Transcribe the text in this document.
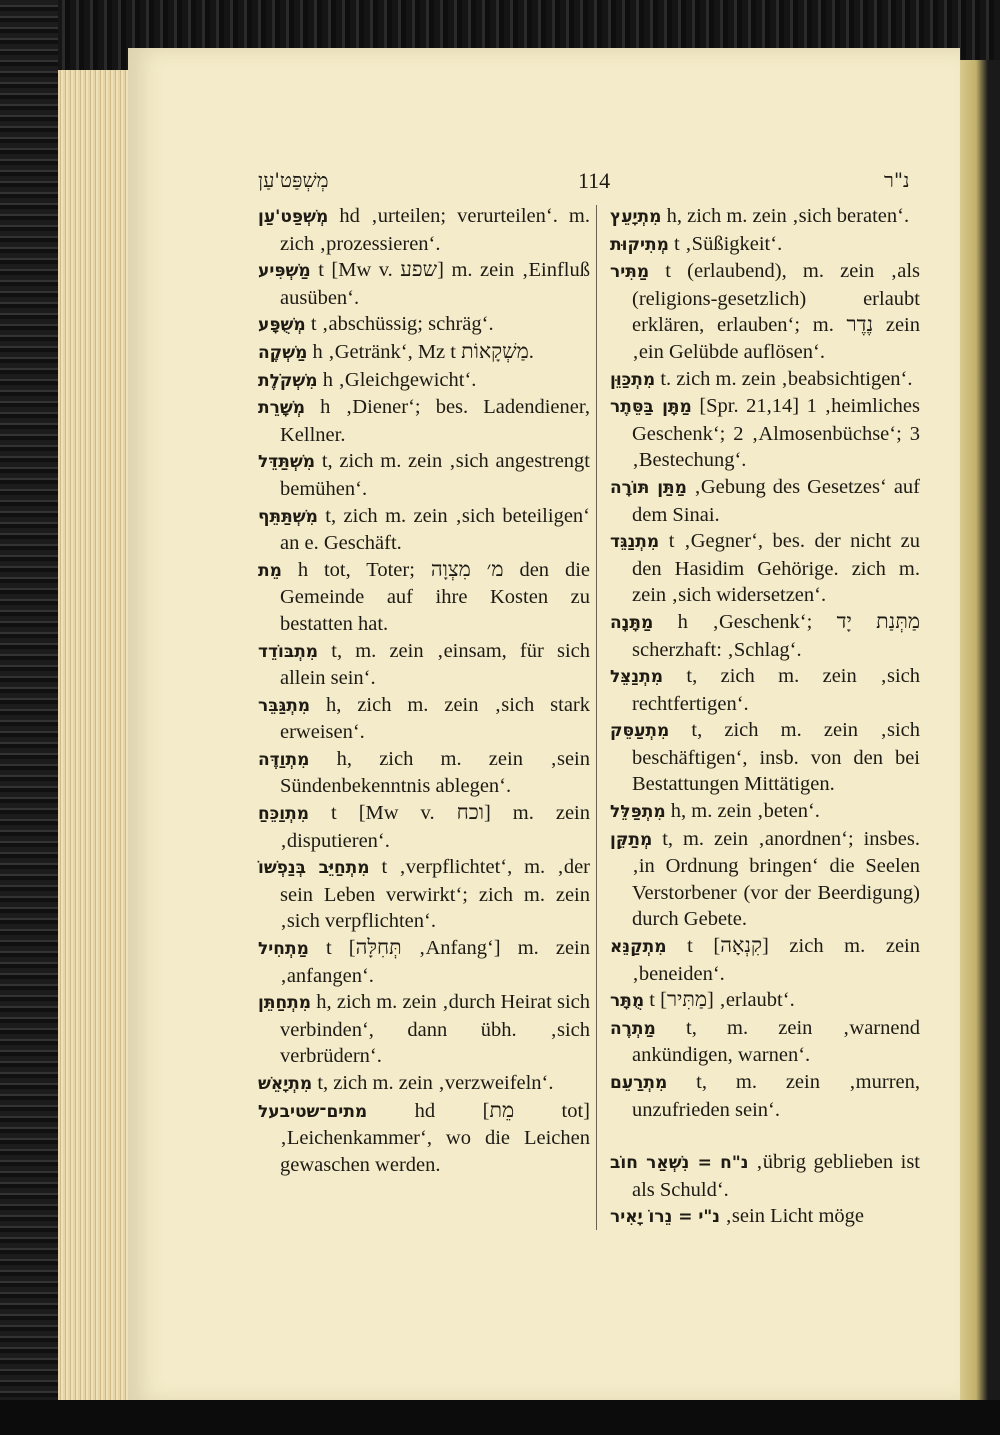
מְשְׁפַּט'עַן	114	נ"ר

מְשְׁפַּט'עַן hd ‚urteilen; verurteilen‘. m. zich ‚prozessieren‘.

מַשְׁפִּיע t [Mw v. שפע] m. zein ‚Einfluß ausüben‘.

מְשֻׁפָּע t ‚abschüssig; schräg‘.

מַשְׁקֶה h ‚Getränk‘, Mz t מַשְׁקָאוֹת.

מִשְׁקֹלֶת h ‚Gleichgewicht‘.

מְשָׁרֵת h ‚Diener‘; bes. Ladendiener, Kellner.

מִשְׁתַּדֵּל t, zich m. zein ‚sich angestrengt bemühen‘.

מִשְׁתַּתֵּף t, zich m. zein ‚sich beteiligen‘ an e. Geschäft.

מֵת h tot, Toter; מ׳ מִצְוָה den die Gemeinde auf ihre Kosten zu bestatten hat.

מִתְבּוֹדֵד t, m. zein ‚einsam, für sich allein sein‘.

מִתְגַּבֵּר h, zich m. zein ‚sich stark erweisen‘.

מִתְוַדֶּה h, zich m. zein ‚sein Sündenbekenntnis ablegen‘.

מִתְוַכֵּחַ t [Mw v. וכח] m. zein ‚disputieren‘.

מִתְחַיֵּב בְּנַפְשׁוֹ t ‚verpflichtet‘, m. ‚der sein Leben verwirkt‘; zich m. zein ‚sich verpflichten‘.

מַתְחִיל t [תְּחִלָּה ‚Anfang‘] m. zein ‚anfangen‘.

מִתְחַתֵּן h, zich m. zein ‚durch Heirat sich verbinden‘, dann übh. ‚sich verbrüdern‘.

מִתְיָאֵשׁ t, zich m. zein ‚verzweifeln‘.

מתים־שטיבעל hd [מֵת tot] ‚Leichenkammer‘, wo die Leichen gewaschen werden.

מִתְיָעֵץ h, zich m. zein ‚sich beraten‘.

מְתִיקוּת t ‚Süßigkeit‘.

מַתִּיר t (erlaubend), m. zein ‚als (religions-gesetzlich) erlaubt erklären, erlauben‘; m. נֶדֶר zein ‚ein Gelübde auflösen‘.

מִתְכַּוֵּן t. zich m. zein ‚beabsichtigen‘.

מַתָּן בַּסֵּתֶר [Spr. 21,14] 1 ‚heimliches Geschenk‘; 2 ‚Almosenbüchse‘; 3 ‚Bestechung‘.

מַתַּן תּוֹרָה ‚Gebung des Gesetzes‘ auf dem Sinai.

מִתְנַגֵּד t ‚Gegner‘, bes. der nicht zu den Hasidim Gehörige. zich m. zein ‚sich widersetzen‘.

מַתָּנָה h ‚Geschenk‘; מַתְּנַת יָד scherzhaft: ‚Schlag‘.

מִתְנַצֵּל t, zich m. zein ‚sich rechtfertigen‘.

מִתְעַסֵּק t, zich m. zein ‚sich beschäftigen‘, insb. von den bei Bestattungen Mittätigen.

מִתְפַּלֵּל h, m. zein ‚beten‘.

מְתַקֵּן t, m. zein ‚anordnen‘; insbes. ‚in Ordnung bringen‘ die Seelen Verstorbener (vor der Beerdigung) durch Gebete.

מִתְקַנֵּא t [קִנְאָה] zich m. zein ‚beneiden‘.

מֻתָּר t [מַתִּיר] ‚erlaubt‘.

מַתְרֶה t, m. zein ‚warnend ankündigen, warnen‘.

מִתְרַעֵם t, m. zein ‚murren, unzufrieden sein‘.

נ"ח = נִשְׁאַר חוֹב ‚übrig geblieben ist als Schuld‘.

נ"י = נֵרוֹ יָאִיר ‚sein Licht möge
